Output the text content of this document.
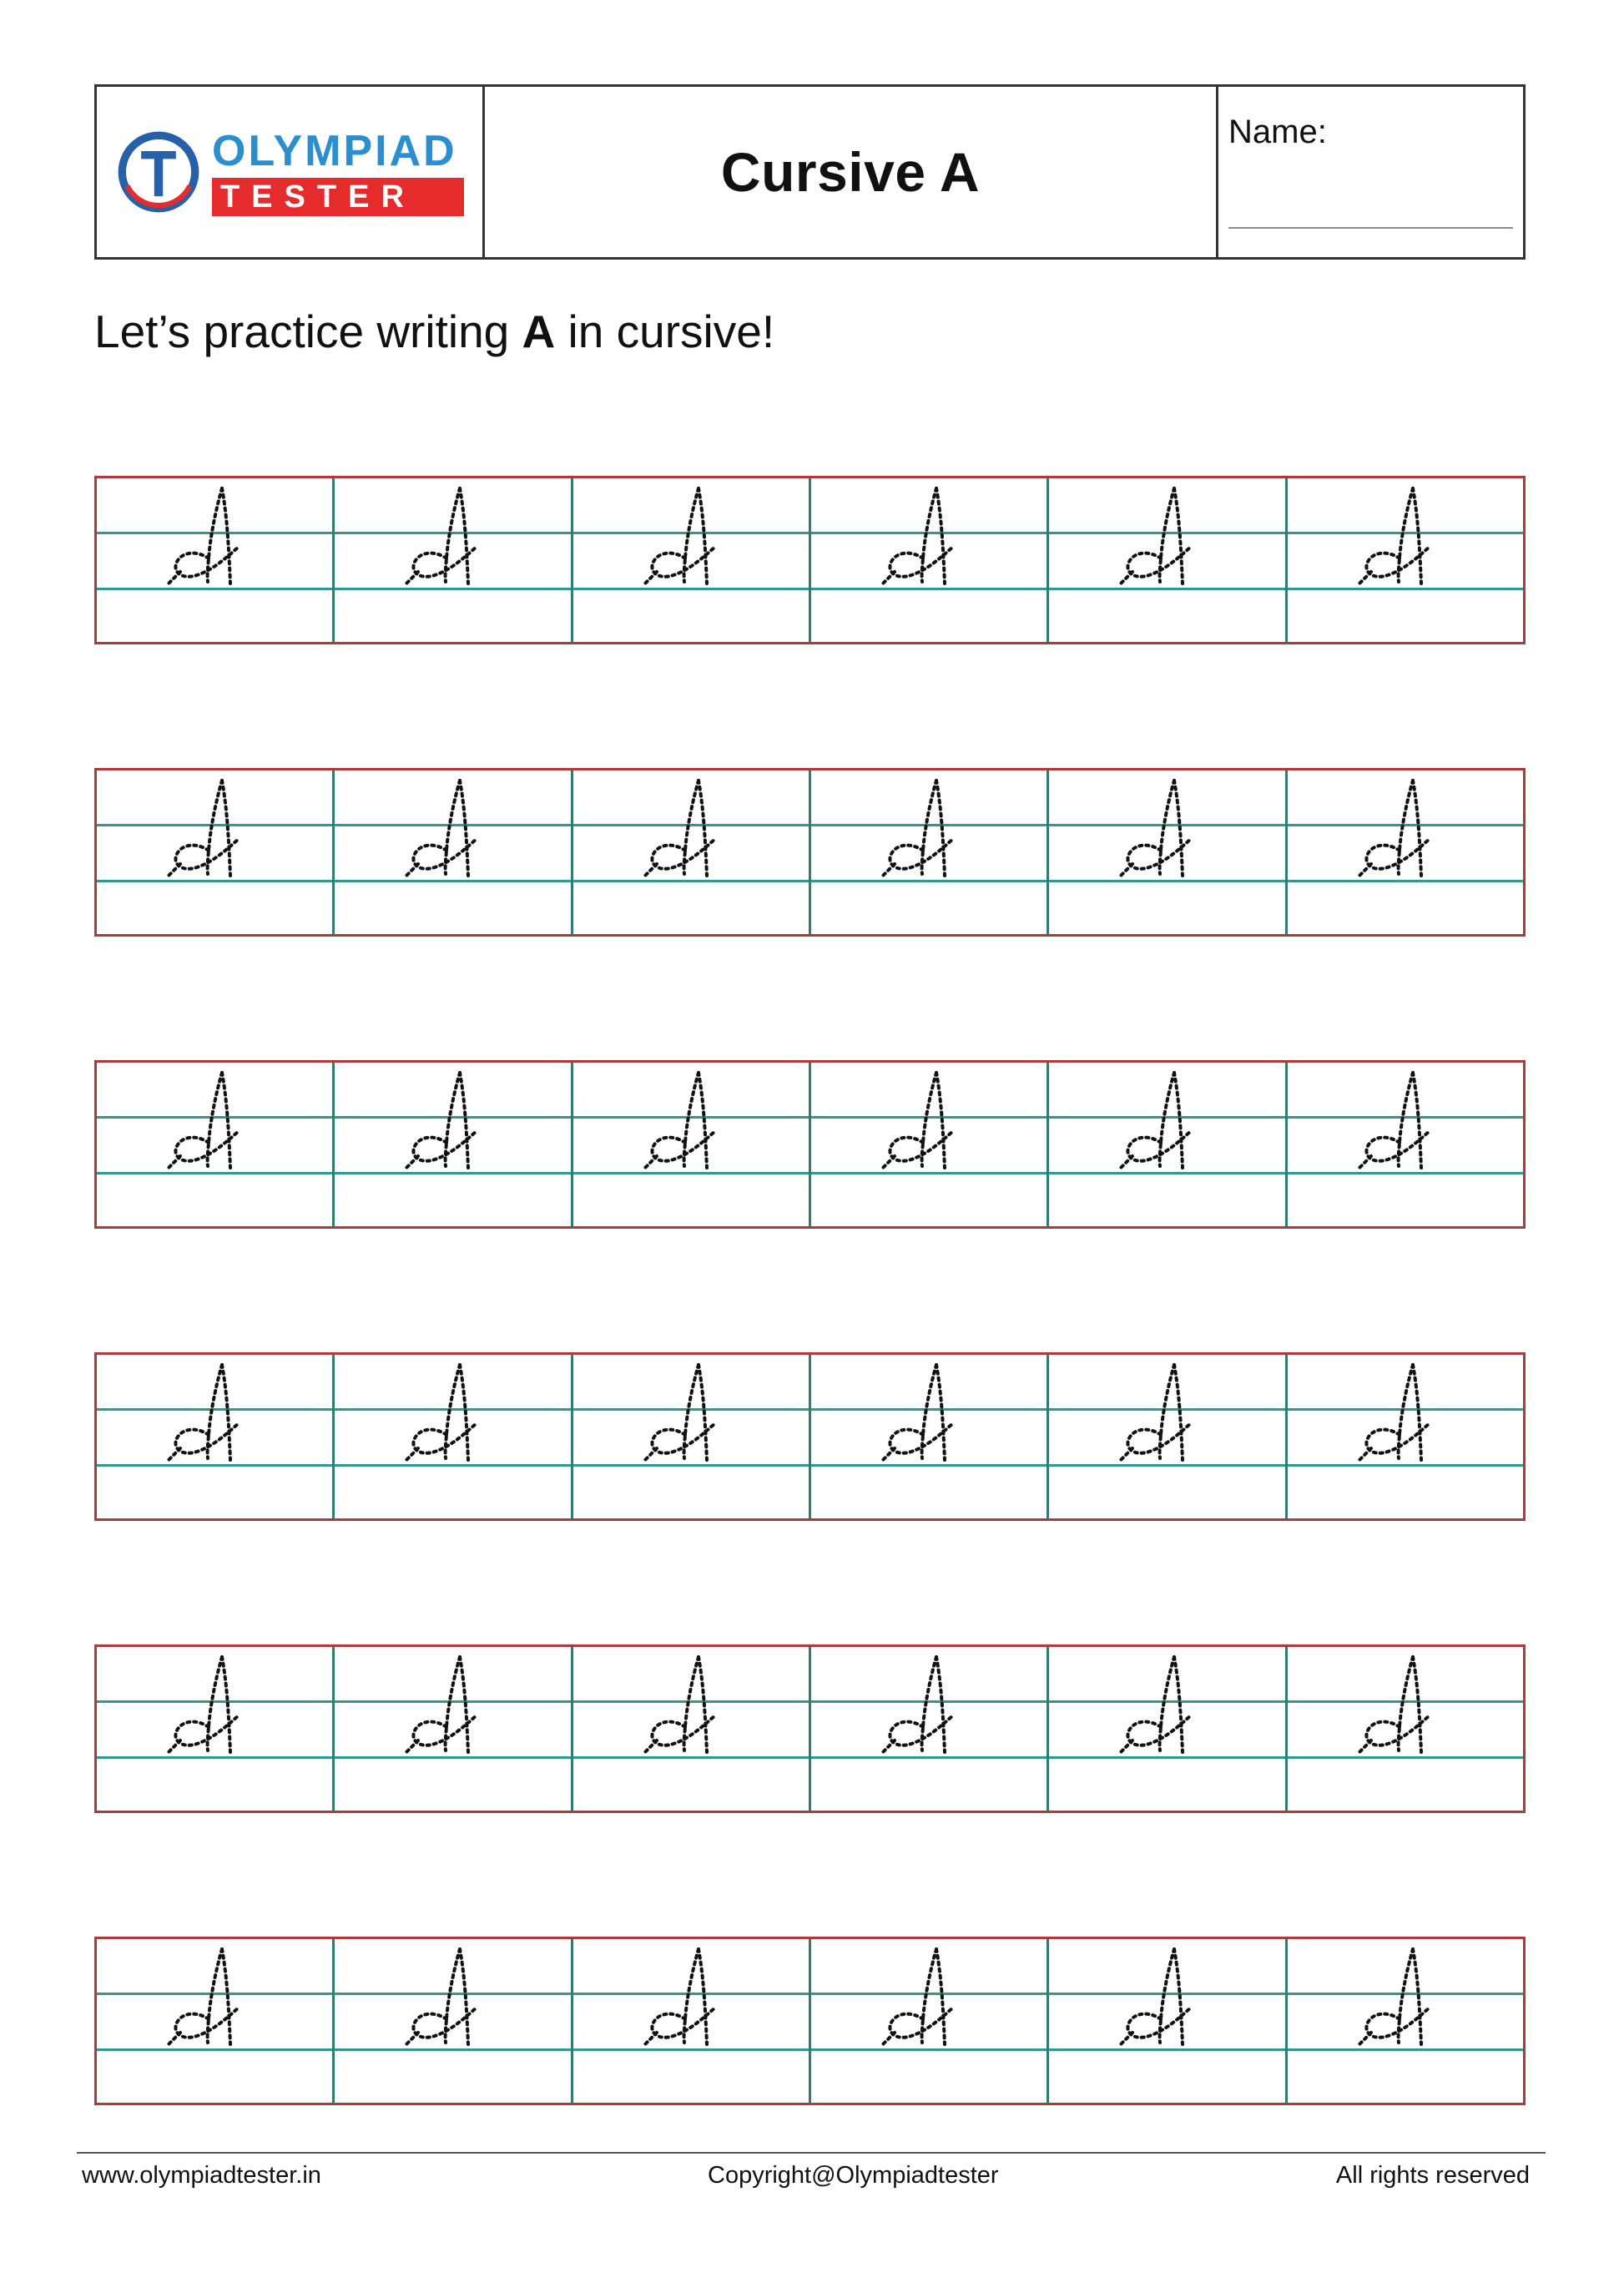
OLYMPIAD
TESTER	Cursive A
Name:
Let’s practice writing A in cursive!
www.olympiadtester.in	Copyright@Olympiadtester	All rights reserved
